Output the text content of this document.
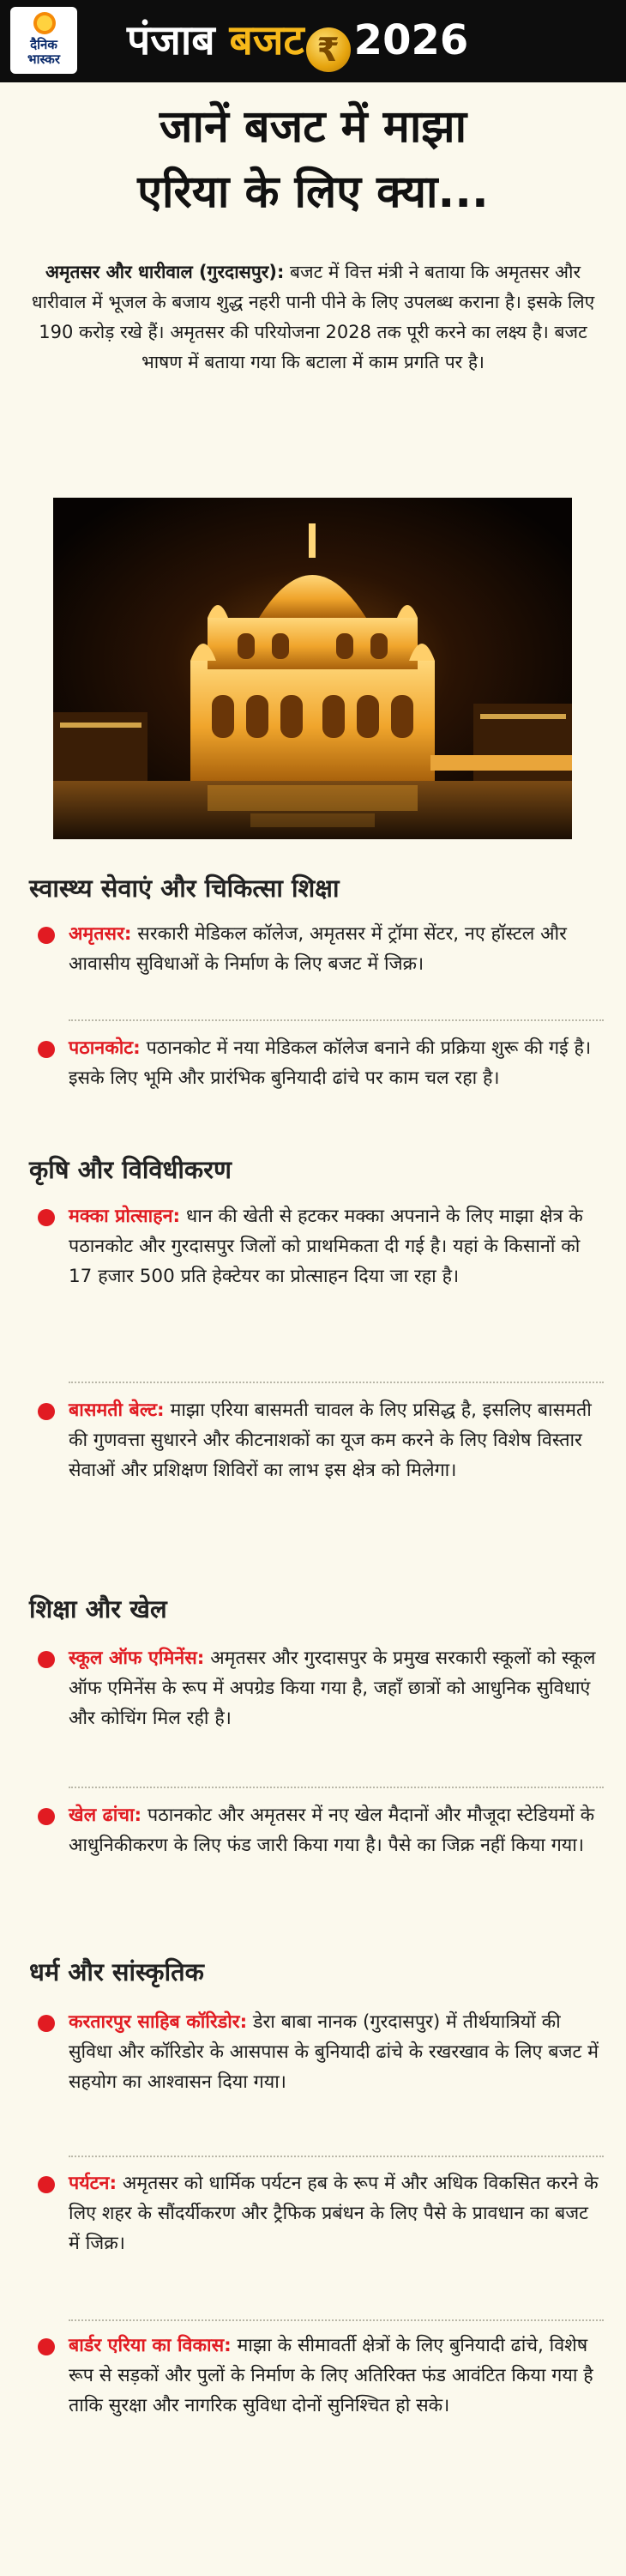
दैनिक भास्कर	पंजाब बजट ₹ 2026
जानें बजट में माझा
एरिया के लिए क्या...

अमृतसर और धारीवाल (गुरदासपुर): बजट में वित्त मंत्री ने बताया कि अमृतसर और धारीवाल में भूजल के बजाय शुद्ध नहरी पानी पीने के लिए उपलब्ध कराना है। इसके लिए 190 करोड़ रखे हैं। अमृतसर की परियोजना 2028 तक पूरी करने का लक्ष्य है। बजट भाषण में बताया गया कि बटाला में काम प्रगति पर है।

स्वास्थ्य सेवाएं और चिकित्सा शिक्षा

अमृतसर: सरकारी मेडिकल कॉलेज, अमृतसर में ट्रॉमा सेंटर, नए हॉस्टल और आवासीय सुविधाओं के निर्माण के लिए बजट में जिक्र।

पठानकोट: पठानकोट में नया मेडिकल कॉलेज बनाने की प्रक्रिया शुरू की गई है। इसके लिए भूमि और प्रारंभिक बुनियादी ढांचे पर काम चल रहा है।

कृषि और विविधीकरण

मक्का प्रोत्साहन: धान की खेती से हटकर मक्का अपनाने के लिए माझा क्षेत्र के पठानकोट और गुरदासपुर जिलों को प्राथमिकता दी गई है। यहां के किसानों को 17 हजार 500 प्रति हेक्टेयर का प्रोत्साहन दिया जा रहा है।

बासमती बेल्ट: माझा एरिया बासमती चावल के लिए प्रसिद्ध है, इसलिए बासमती की गुणवत्ता सुधारने और कीटनाशकों का यूज कम करने के लिए विशेष विस्तार सेवाओं और प्रशिक्षण शिविरों का लाभ इस क्षेत्र को मिलेगा।

शिक्षा और खेल

स्कूल ऑफ एमिनेंस: अमृतसर और गुरदासपुर के प्रमुख सरकारी स्कूलों को स्कूल ऑफ एमिनेंस के रूप में अपग्रेड किया गया है, जहाँ छात्रों को आधुनिक सुविधाएं और कोचिंग मिल रही है।

खेल ढांचा: पठानकोट और अमृतसर में नए खेल मैदानों और मौजूदा स्टेडियमों के आधुनिकीकरण के लिए फंड जारी किया गया है। पैसे का जिक्र नहीं किया गया।

धर्म और सांस्कृतिक

करतारपुर साहिब कॉरिडोर: डेरा बाबा नानक (गुरदासपुर) में तीर्थयात्रियों की सुविधा और कॉरिडोर के आसपास के बुनियादी ढांचे के रखरखाव के लिए बजट में सहयोग का आश्वासन दिया गया।

पर्यटन: अमृतसर को धार्मिक पर्यटन हब के रूप में और अधिक विकसित करने के लिए शहर के सौंदर्यीकरण और ट्रैफिक प्रबंधन के लिए पैसे के प्रावधान का बजट में जिक्र।

बार्डर एरिया का विकास: माझा के सीमावर्ती क्षेत्रों के लिए बुनियादी ढांचे, विशेष रूप से सड़कों और पुलों के निर्माण के लिए अतिरिक्त फंड आवंटित किया गया है ताकि सुरक्षा और नागरिक सुविधा दोनों सुनिश्चित हो सके।
